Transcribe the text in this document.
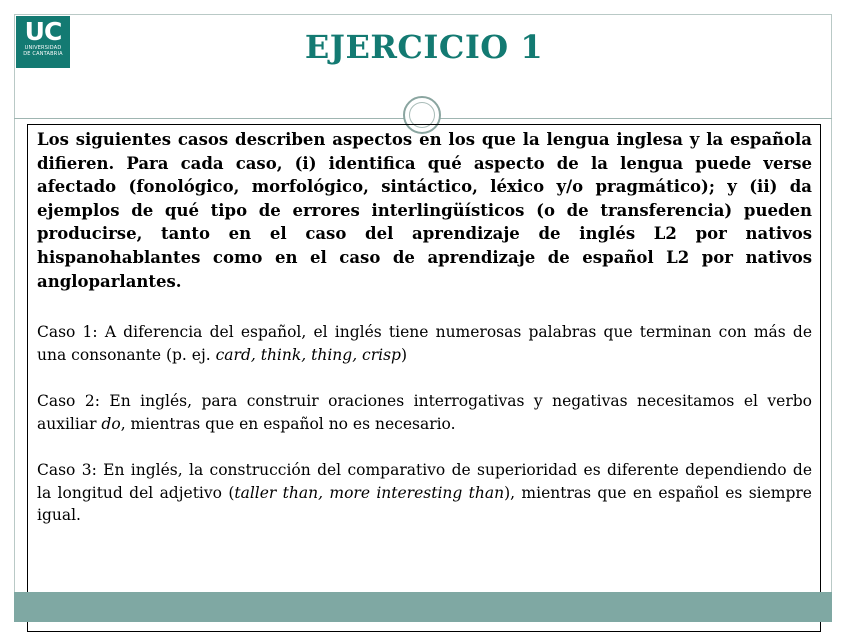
UC
UNIVERSIDAD
DE CANTABRIA	EJERCICIO 1

Los siguientes casos describen aspectos en los que la lengua inglesa y la española difieren. Para cada caso, (i) identifica qué aspecto de la lengua puede verse afectado (fonológico, morfológico, sintáctico, léxico y/o pragmático); y (ii) da ejemplos de qué tipo de errores interlingüísticos (o de transferencia) pueden producirse, tanto en el caso del aprendizaje de inglés L2 por nativos hispanohablantes como en el caso de aprendizaje de español L2 por nativos angloparlantes.

Caso 1: A diferencia del español, el inglés tiene numerosas palabras que terminan con más de una consonante (p. ej. card, think, thing, crisp)

Caso 2: En inglés, para construir oraciones interrogativas y negativas necesitamos el verbo auxiliar do, mientras que en español no es necesario.

Caso 3: En inglés, la construcción del comparativo de superioridad es diferente dependiendo de la longitud del adjetivo (taller than, more interesting than), mientras que en español es siempre igual.
